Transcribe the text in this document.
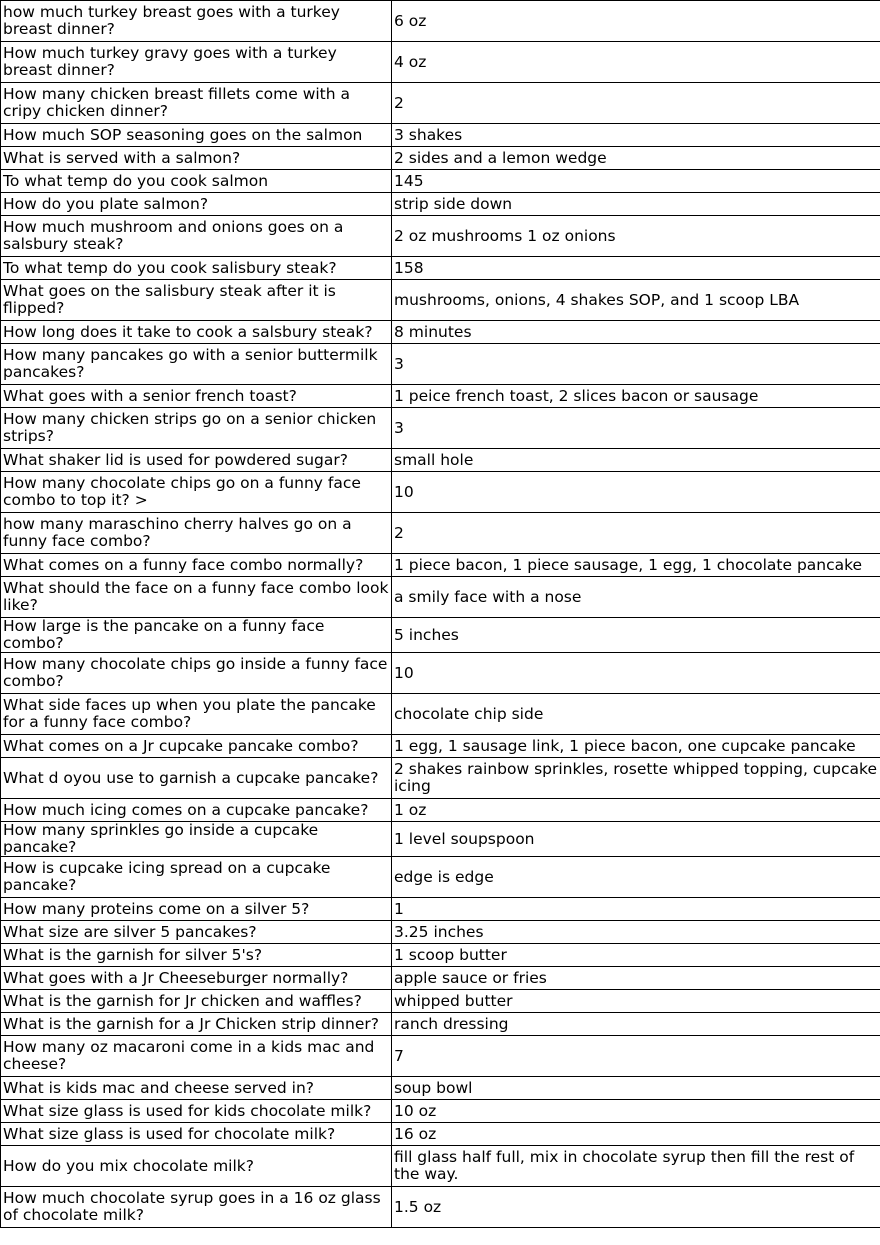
how much turkey breast goes with a turkey breast dinner?	6 oz
How much turkey gravy goes with a turkey breast dinner?	4 oz
How many chicken breast fillets come with a cripy chicken dinner?	2
How much SOP seasoning goes on the salmon	3 shakes
What is served with a salmon?	2 sides and a lemon wedge
To what temp do you cook salmon	145
How do you plate salmon?	strip side down
How much mushroom and onions goes on a salsbury steak?	2 oz mushrooms 1 oz onions
To what temp do you cook salisbury steak?	158
What goes on the salisbury steak after it is flipped?	mushrooms, onions, 4 shakes SOP, and 1 scoop LBA
How long does it take to cook a salsbury steak?	8 minutes
How many pancakes go with a senior buttermilk pancakes?	3
What goes with a senior french toast?	1 peice french toast, 2 slices bacon or sausage
How many chicken strips go on a senior chicken strips?	3
What shaker lid is used for powdered sugar?	small hole
How many chocolate chips go on a funny face combo to top it? >	10
how many maraschino cherry halves go on a funny face combo?	2
What comes on a funny face combo normally?	1 piece bacon, 1 piece sausage, 1 egg, 1 chocolate pancake
What should the face on a funny face combo look like?	a smily face with a nose
How large is the pancake on a funny face combo?	5 inches
How many chocolate chips go inside a funny face combo?	10
What side faces up when you plate the pancake for a funny face combo?	chocolate chip side
What comes on a Jr cupcake pancake combo?	1 egg, 1 sausage link, 1 piece bacon, one cupcake pancake
What d oyou use to garnish a cupcake pancake?	2 shakes rainbow sprinkles, rosette whipped topping, cupcake icing
How much icing comes on a cupcake pancake?	1 oz
How many sprinkles go inside a cupcake pancake?	1 level soupspoon
How is cupcake icing spread on a cupcake pancake?	edge is edge
How many proteins come on a silver 5?	1
What size are silver 5 pancakes?	3.25 inches
What is the garnish for silver 5's?	1 scoop butter
What goes with a Jr Cheeseburger normally?	apple sauce or fries
What is the garnish for Jr chicken and waffles?	whipped butter
What is the garnish for a Jr Chicken strip dinner?	ranch dressing
How many oz macaroni come in a kids mac and cheese?	7
What is kids mac and cheese served in?	soup bowl
What size glass is used for kids chocolate milk?	10 oz
What size glass is used for chocolate milk?	16 oz
How do you mix chocolate milk?	fill glass half full, mix in chocolate syrup then fill the rest of the way.
How much chocolate syrup goes in a 16 oz glass of chocolate milk?	1.5 oz
